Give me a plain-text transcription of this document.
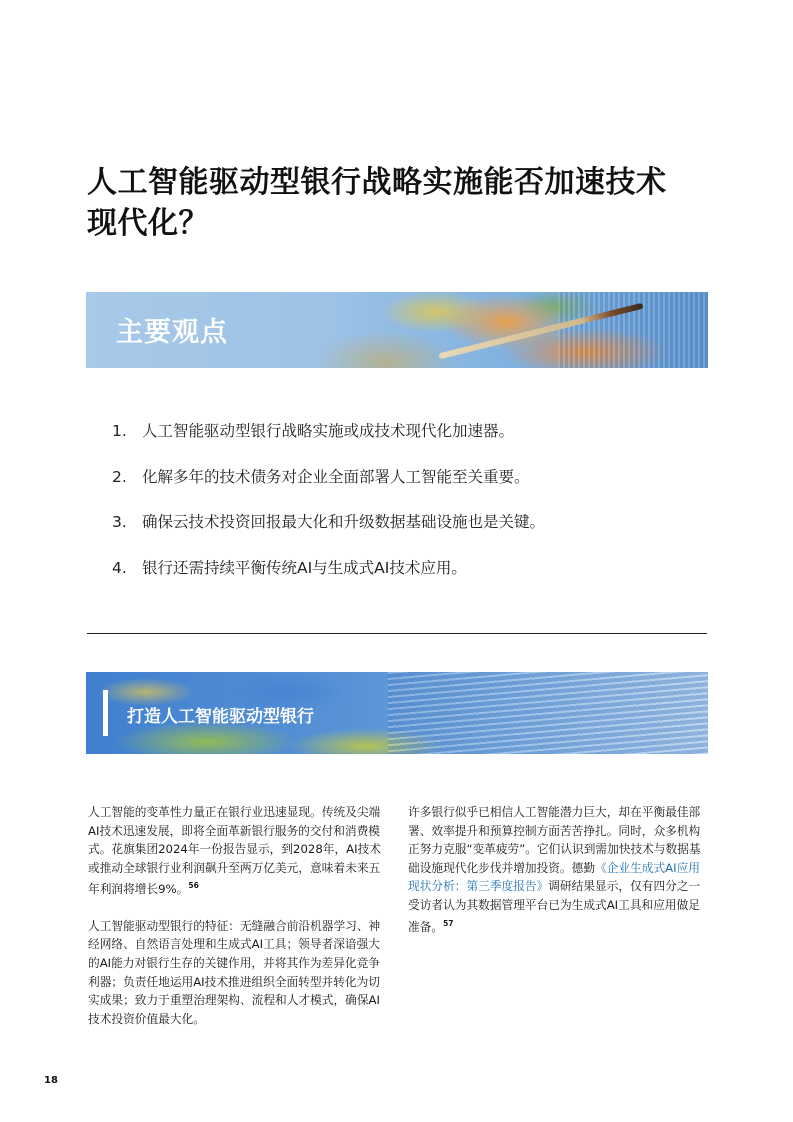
人工智能驱动型银行战略实施能否加速技术
现代化？
主要观点
1. 人工智能驱动型银行战略实施或成技术现代化加速器。
2. 化解多年的技术债务对企业全面部署人工智能至关重要。
3. 确保云技术投资回报最大化和升级数据基础设施也是关键。
4. 银行还需持续平衡传统AI与生成式AI技术应用。
打造人工智能驱动型银行

人工智能的变革性力量正在银行业迅速显现。传统及尖端AI技术迅速发展，即将全面革新银行服务的交付和消费模式。花旗集团2024年一份报告显示，到2028年，AI技术或推动全球银行业利润飙升至两万亿美元，意味着未来五年利润将增长9%。$^{56}$

人工智能驱动型银行的特征：无缝融合前沿机器学习、神经网络、自然语言处理和生成式AI工具；领导者深谙强大的AI能力对银行生存的关键作用，并将其作为差异化竞争利器；负责任地运用AI技术推进组织全面转型并转化为切实成果；致力于重塑治理架构、流程和人才模式，确保AI技术投资价值最大化。

许多银行似乎已相信人工智能潜力巨大，却在平衡最佳部署、效率提升和预算控制方面苦苦挣扎。同时，众多机构正努力克服“变革疲劳”。它们认识到需加快技术与数据基础设施现代化步伐并增加投资。德勤《企业生成式AI应用现状分析：第三季度报告》调研结果显示，仅有四分之一受访者认为其数据管理平台已为生成式AI工具和应用做足准备。$^{57}$

18
